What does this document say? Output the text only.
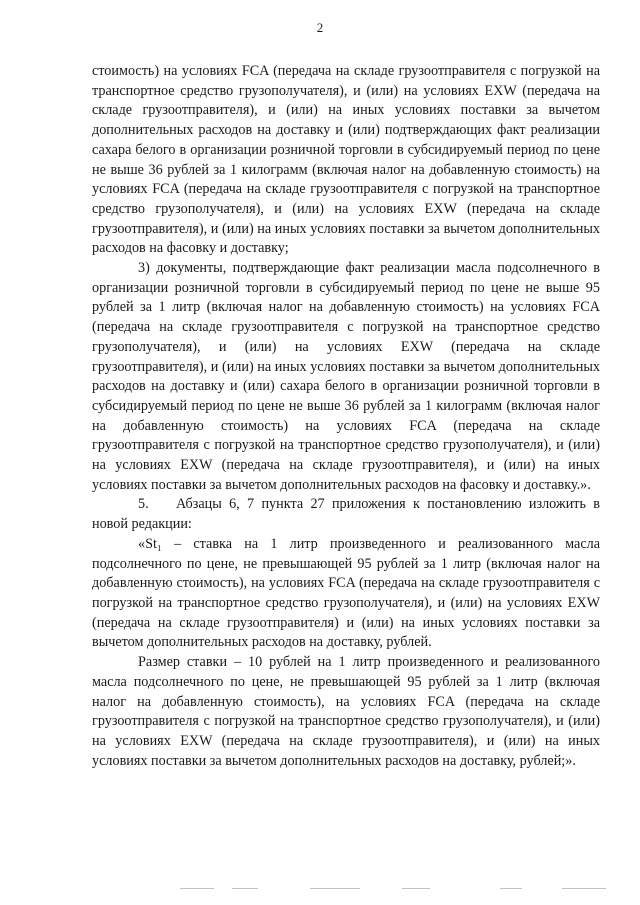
2

стоимость) на условиях FCA (передача на складе грузоотправителя с погрузкой на транспортное средство грузополучателя), и (или) на условиях EXW (передача на складе грузоотправителя), и (или) на иных условиях поставки за вычетом дополнительных расходов на доставку и (или) подтверждающих факт реализации сахара белого в организации розничной торговли в субсидируемый период по цене не выше 36 рублей за 1 килограмм (включая налог на добавленную стоимость) на условиях FCA (передача на складе грузоотправителя с погрузкой на транспортное средство грузополучателя), и (или) на условиях EXW (передача на складе грузоотправителя), и (или) на иных условиях поставки за вычетом дополнительных расходов на фасовку и доставку;

3) документы, подтверждающие факт реализации масла подсолнечного в организации розничной торговли в субсидируемый период по цене не выше 95 рублей за 1 литр (включая налог на добавленную стоимость) на условиях FCA (передача на складе грузоотправителя с погрузкой на транспортное средство грузополучателя), и (или) на условиях EXW (передача на складе грузоотправителя), и (или) на иных условиях поставки за вычетом дополнительных расходов на доставку и (или) сахара белого в организации розничной торговли в субсидируемый период по цене не выше 36 рублей за 1 килограмм (включая налог на добавленную стоимость) на условиях FCA (передача на складе грузоотправителя с погрузкой на транспортное средство грузополучателя), и (или) на условиях EXW (передача на складе грузоотправителя), и (или) на иных условиях поставки за вычетом дополнительных расходов на фасовку и доставку.».

5. Абзацы 6, 7 пункта 27 приложения к постановлению изложить в новой редакции:

«St₁ – ставка на 1 литр произведенного и реализованного масла подсолнечного по цене, не превышающей 95 рублей за 1 литр (включая налог на добавленную стоимость), на условиях FCA (передача на складе грузоотправителя с погрузкой на транспортное средство грузополучателя), и (или) на условиях EXW (передача на складе грузоотправителя) и (или) на иных условиях поставки за вычетом дополнительных расходов на доставку, рублей.

Размер ставки – 10 рублей на 1 литр произведенного и реализованного масла подсолнечного по цене, не превышающей 95 рублей за 1 литр (включая налог на добавленную стоимость), на условиях FCA (передача на складе грузоотправителя с погрузкой на транспортное средство грузополучателя), и (или) на условиях EXW (передача на складе грузоотправителя), и (или) на иных условиях поставки за вычетом дополнительных расходов на доставку, рублей;».
